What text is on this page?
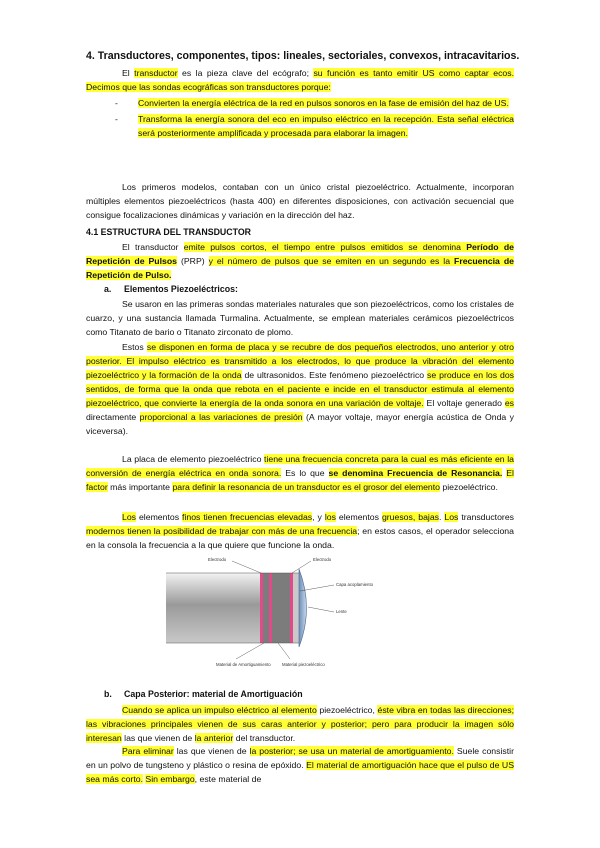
4. Transductores, componentes, tipos: lineales, sectoriales, convexos, intracavitarios.

El transductor es la pieza clave del ecógrafo; su función es tanto emitir US como captar ecos. Decimos que las sondas ecográficas son transductores porque:

- Convierten la energía eléctrica de la red en pulsos sonoros en la fase de emisión del haz de US.
- Transforma la energía sonora del eco en impulso eléctrico en la recepción. Esta señal eléctrica será posteriormente amplificada y procesada para elaborar la imagen.

Los primeros modelos, contaban con un único cristal piezoeléctrico. Actualmente, incorporan múltiples elementos piezoeléctricos (hasta 400) en diferentes disposiciones, con activación secuencial que consigue focalizaciones dinámicas y variación en la dirección del haz.

4.1 ESTRUCTURA DEL TRANSDUCTOR

El transductor emite pulsos cortos, el tiempo entre pulsos emitidos se denomina Período de Repetición de Pulsos (PRP) y el número de pulsos que se emiten en un segundo es la Frecuencia de Repetición de Pulso.

a. Elementos Piezoeléctricos:

Se usaron en las primeras sondas materiales naturales que son piezoeléctricos, como los cristales de cuarzo, y una sustancia llamada Turmalina. Actualmente, se emplean materiales cerámicos piezoeléctricos como Titanato de bario o Titanato zirconato de plomo.

Estos se disponen en forma de placa y se recubre de dos pequeños electrodos, uno anterior y otro posterior. El impulso eléctrico es transmitido a los electrodos, lo que produce la vibración del elemento piezoeléctrico y la formación de la onda de ultrasonidos. Este fenómeno piezoeléctrico se produce en los dos sentidos, de forma que la onda que rebota en el paciente e incide en el transductor estimula al elemento piezoeléctrico, que convierte la energía de la onda sonora en una variación de voltaje. El voltaje generado es directamente proporcional a las variaciones de presión (A mayor voltaje, mayor energía acústica de Onda y viceversa).

La placa de elemento piezoeléctrico tiene una frecuencia concreta para la cual es más eficiente en la conversión de energía eléctrica en onda sonora. Es lo que se denomina Frecuencia de Resonancia. El factor más importante para definir la resonancia de un transductor es el grosor del elemento piezoeléctrico.

Los elementos finos tienen frecuencias elevadas, y los elementos gruesos, bajas. Los transductores modernos tienen la posibilidad de trabajar con más de una frecuencia; en estos casos, el operador selecciona en la consola la frecuencia a la que quiere que funcione la onda.

Electrodo	Electrodo
Capa acoplamiento
Lente
Material de Amortiguamiento	Material piezoeléctrico

b. Capa Posterior: material de Amortiguación

Cuando se aplica un impulso eléctrico al elemento piezoeléctrico, éste vibra en todas las direcciones; las vibraciones principales vienen de sus caras anterior y posterior; pero para producir la imagen sólo interesan las que vienen de la anterior del transductor.

Para eliminar las que vienen de la posterior; se usa un material de amortiguamiento. Suele consistir en un polvo de tungsteno y plástico o resina de epóxido. El material de amortiguación hace que el pulso de US sea más corto. Sin embargo, este material de
